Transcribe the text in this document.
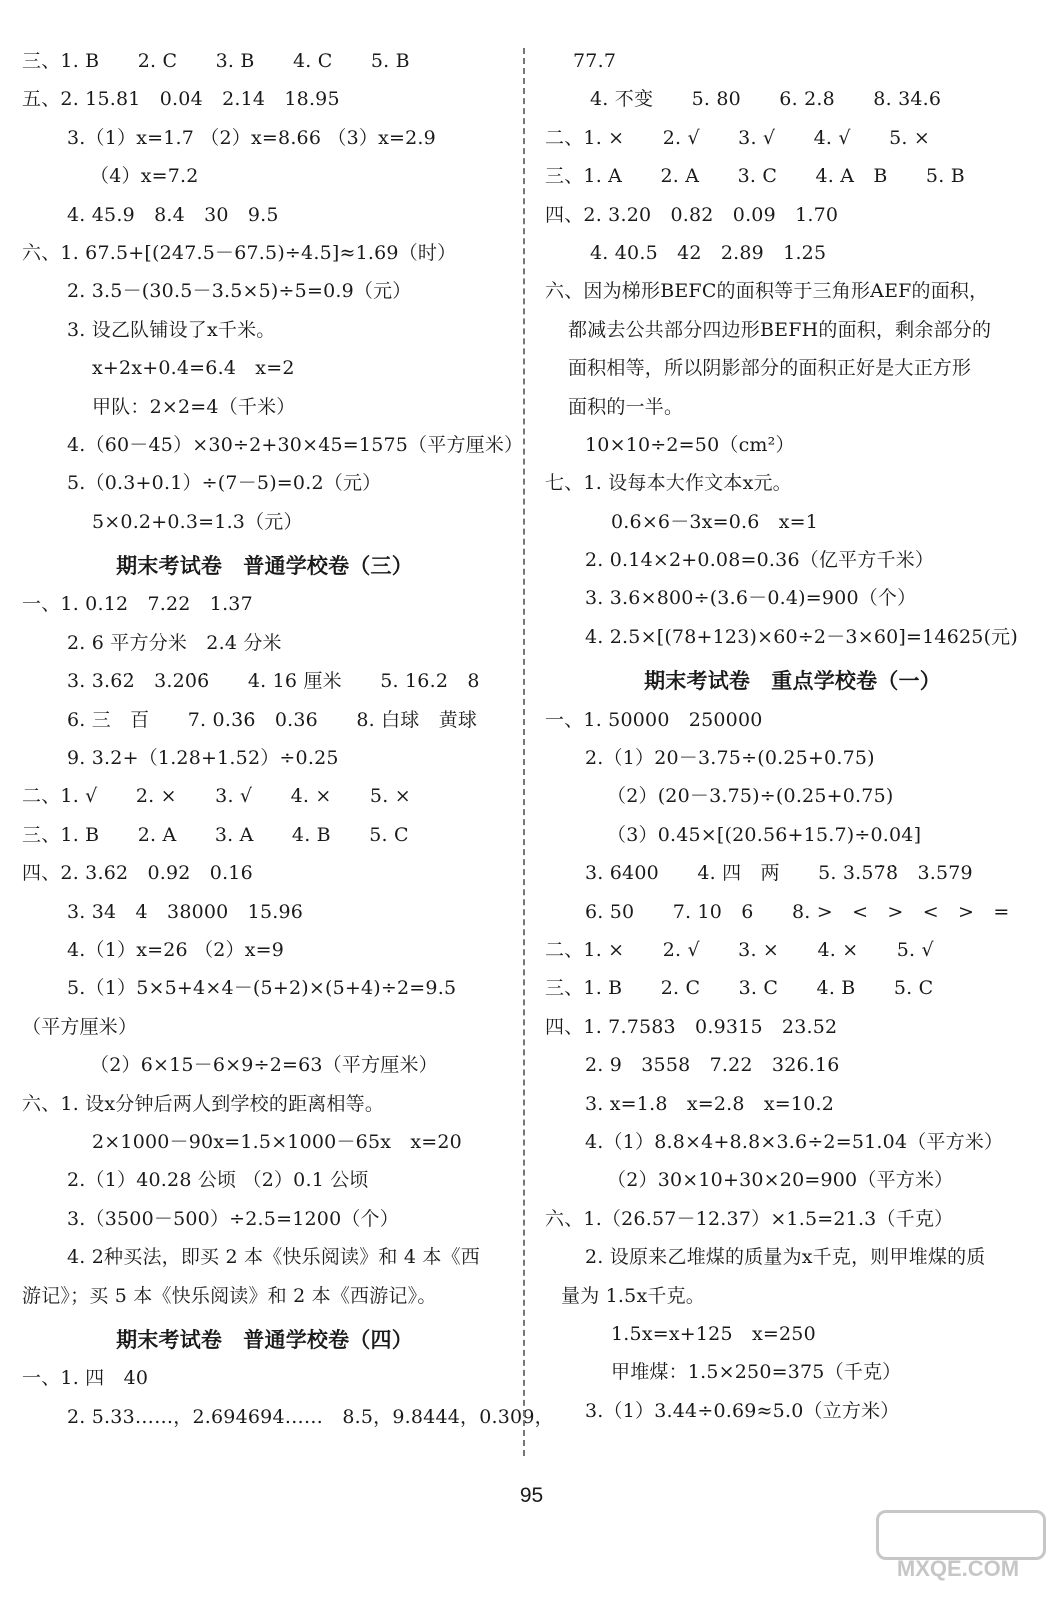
三、1. B　　2. C　　3. B　　4. C　　5. B
五、2. 15.81　0.04　2.14　18.95
3.（1）x=1.7 （2）x=8.66 （3）x=2.9
（4）x=7.2
4. 45.9　8.4　30　9.5
六、1. 67.5+[(247.5－67.5)÷4.5]≈1.69（时）
2. 3.5－(30.5－3.5×5)÷5=0.9（元）
3. 设乙队铺设了x千米。
x+2x+0.4=6.4　x=2
甲队：2×2=4（千米）
4.（60－45）×30÷2+30×45=1575（平方厘米）
5.（0.3+0.1）÷(7－5)=0.2（元）
5×0.2+0.3=1.3（元）
期末考试卷　普通学校卷（三）
一、1. 0.12　7.22　1.37
2. 6 平方分米　2.4 分米
3. 3.62̇　3.20̇6̇　　4. 16 厘米　　5. 16.2　8
6. 三　百　　7. 0.3̇6̇　0.36　　8. 白球　黄球
9. 3.2+（1.28+1.52）÷0.25
二、1. √　　2. ×　　3. √　　4. ×　　5. ×
三、1. B　　2. A　　3. A　　4. B　　5. C
四、2. 3.62　0.92　0.16
3. 34　4　38000　15.96
4.（1）x=26 （2）x=9
5.（1）5×5+4×4－(5+2)×(5+4)÷2=9.5
（平方厘米）
（2）6×15－6×9÷2=63（平方厘米）
六、1. 设x分钟后两人到学校的距离相等。
2×1000－90x=1.5×1000－65x　x=20
2.（1）40.28 公顷 （2）0.1 公顷
3.（3500－500）÷2.5=1200（个）
4. 2种买法，即买 2 本《快乐阅读》和 4 本《西
游记》；买 5 本《快乐阅读》和 2 本《西游记》。
期末考试卷　普通学校卷（四）
一、1. 四　40
2. 5.33……，2.694694……　8.5，9.8444，0.309，
77.7
4. 不变　　5. 80　　6. 2.8　　8. 34.6
二、1. ×　　2. √　　3. √　　4. √　　5. ×
三、1. A　　2. A　　3. C　　4. A　B　　5. B
四、2. 3.20　0.82　0.09　1.70
4. 40.5　42　2.89　1.25
六、因为梯形BEFC的面积等于三角形AEF的面积，
都减去公共部分四边形BEFH的面积，剩余部分的
面积相等，所以阴影部分的面积正好是大正方形
面积的一半。
10×10÷2=50（cm²）
七、1. 设每本大作文本x元。
0.6×6－3x=0.6　x=1
2. 0.14×2+0.08=0.36（亿平方千米）
3. 3.6×800÷(3.6－0.4)=900（个）
4. 2.5×[(78+123)×60÷2－3×60]=14625(元)
期末考试卷　重点学校卷（一）
一、1. 50000　250000
2.（1）20－3.75÷(0.25+0.75)
（2）(20－3.75)÷(0.25+0.75)
（3）0.45×[(20.56+15.7)÷0.04]
3. 6400　　4. 四　两　　5. 3.57̇8̇　3.579
6. 50　　7. 10　6　　8. >　<　>　<　>　=
二、1. ×　　2. √　　3. ×　　4. ×　　5. √
三、1. B　　2. C　　3. C　　4. B　　5. C
四、1. 7.7583̇　0.9315　23.52
2. 9　3558　7.22　326.16
3. x=1.8　x=2.8　x=10.2
4.（1）8.8×4+8.8×3.6÷2=51.04（平方米）
（2）30×10+30×20=900（平方米）
六、1.（26.57－12.37）×1.5=21.3（千克）
2. 设原来乙堆煤的质量为x千克，则甲堆煤的质
量为 1.5x千克。
1.5x=x+125　x=250
甲堆煤：1.5×250=375（千克）
3.（1）3.44÷0.69≈5.0（立方米）
95
MXQE.COM
